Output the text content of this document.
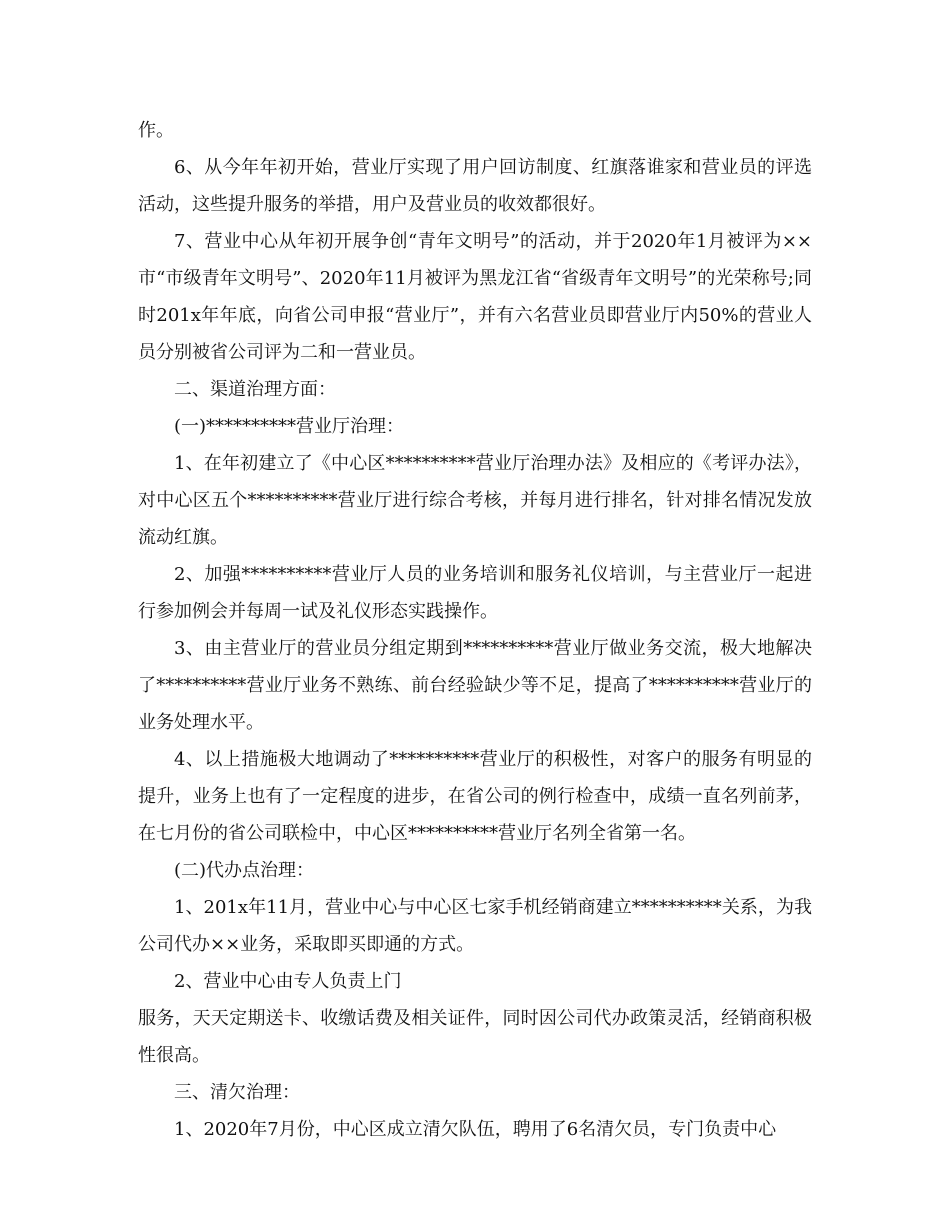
作。

6、从今年年初开始，营业厅实现了用户回访制度、红旗落谁家和营业员的评选活动，这些提升服务的举措，用户及营业员的收效都很好。

7、营业中心从年初开展争创“青年文明号”的活动，并于2020年1月被评为××市“市级青年文明号”、2020年11月被评为黑龙江省“省级青年文明号”的光荣称号;同时201x年年底，向省公司申报“营业厅”，并有六名营业员即营业厅内50%的营业人员分别被省公司评为二和一营业员。

二、渠道治理方面：

(一)**********营业厅治理：

1、在年初建立了《中心区**********营业厅治理办法》及相应的《考评办法》，对中心区五个**********营业厅进行综合考核，并每月进行排名，针对排名情况发放流动红旗。

2、加强**********营业厅人员的业务培训和服务礼仪培训，与主营业厅一起进行参加例会并每周一试及礼仪形态实践操作。

3、由主营业厅的营业员分组定期到**********营业厅做业务交流，极大地解决了**********营业厅业务不熟练、前台经验缺少等不足，提高了**********营业厅的业务处理水平。

4、以上措施极大地调动了**********营业厅的积极性，对客户的服务有明显的提升，业务上也有了一定程度的进步，在省公司的例行检查中，成绩一直名列前茅，在七月份的省公司联检中，中心区**********营业厅名列全省第一名。

(二)代办点治理：

1、201x年11月，营业中心与中心区七家手机经销商建立**********关系，为我公司代办××业务，采取即买即通的方式。

2、营业中心由专人负责上门

服务，天天定期送卡、收缴话费及相关证件，同时因公司代办政策灵活，经销商积极性很高。

三、清欠治理：

1、2020年7月份，中心区成立清欠队伍，聘用了6名清欠员，专门负责中心
